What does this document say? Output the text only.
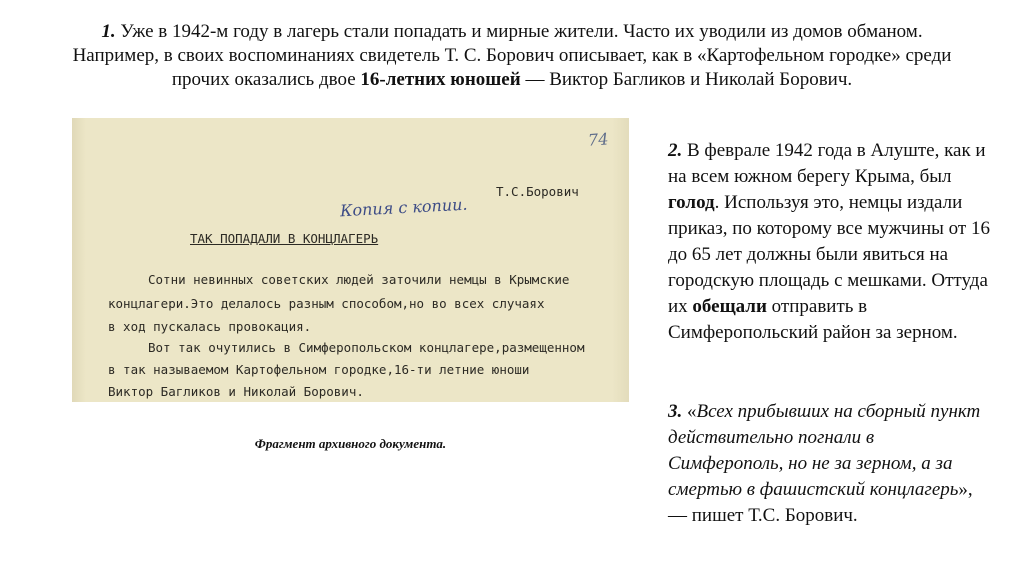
1. Уже в 1942-м году в лагерь стали попадать и мирные жители. Часто их уводили из домов обманом. Например, в своих воспоминаниях свидетель Т. С. Борович описывает, как в «Картофельном городке» среди прочих оказались двое 16-летних юношей — Виктор Багликов и Николай Борович.
74
Т.С.Борович
Копия с копии.
ТАК ПОПАДАЛИ В КОНЦЛАГЕРЬ
Сотни невинных советских людей заточили немцы в Крымские
концлагери.Это делалось разным способом,но во всех случаях
в ход пускалась провокация.
Вот так очутились в Симферопольском концлагере,размещенном
в так называемом Картофельном городке,16-ти летние юноши
Виктор Багликов и Николай Борович.
Фрагмент архивного документа.
2. В феврале 1942 года в Алуште, как и на всем южном берегу Крыма, был голод. Используя это, немцы издали приказ, по которому все мужчины от 16 до 65 лет должны были явиться на городскую площадь с мешками. Оттуда их обещали отправить в Симферопольский район за зерном.
3. «Всех прибывших на сборный пункт действительно погнали в Симферополь, но не за зерном, а за смертью в фашистский концлагерь», — пишет Т.С. Борович.
